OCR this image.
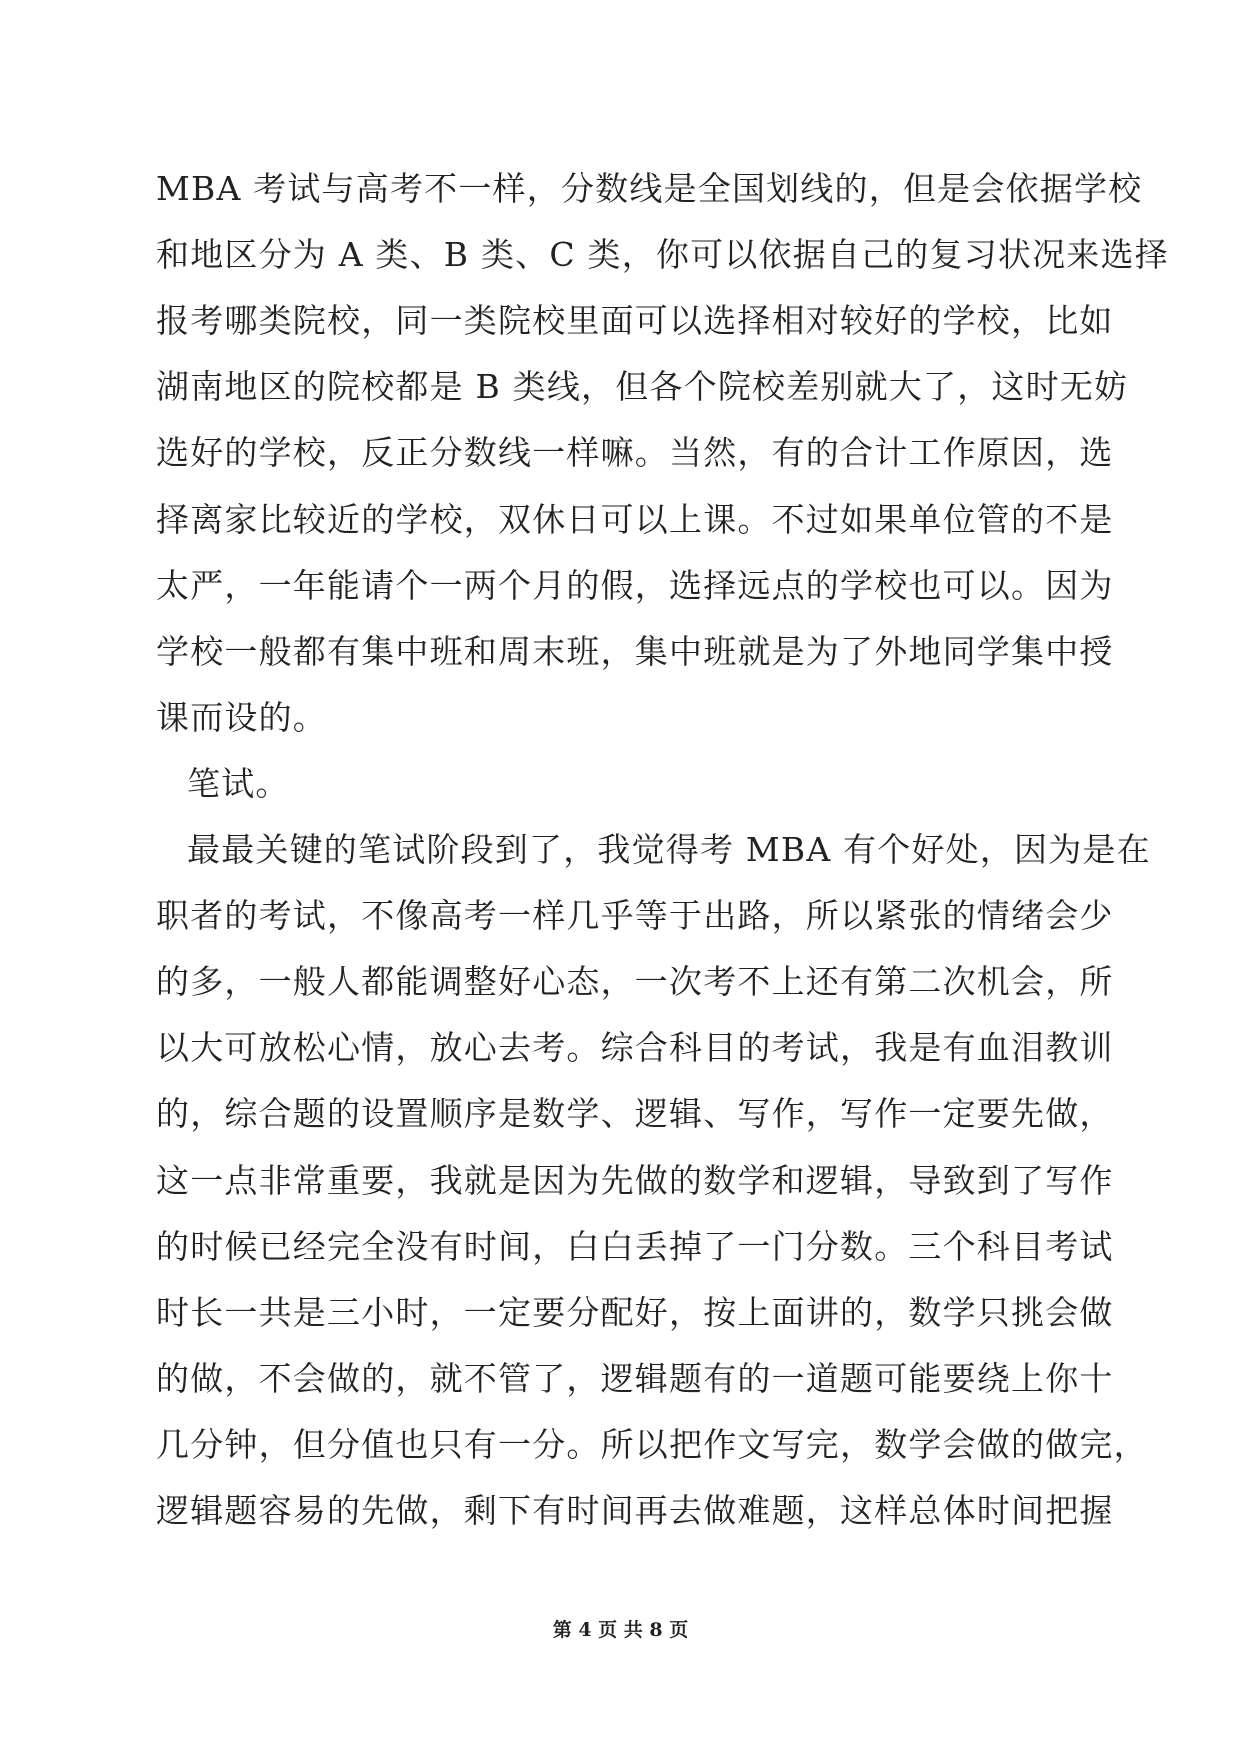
MBA 考试与高考不一样，分数线是全国划线的，但是会依据学校
和地区分为 A 类、B 类、C 类，你可以依据自己的复习状况来选择
报考哪类院校，同一类院校里面可以选择相对较好的学校，比如
湖南地区的院校都是 B 类线，但各个院校差别就大了，这时无妨
选好的学校，反正分数线一样嘛。当然，有的合计工作原因，选
择离家比较近的学校，双休日可以上课。不过如果单位管的不是
太严，一年能请个一两个月的假，选择远点的学校也可以。因为
学校一般都有集中班和周末班，集中班就是为了外地同学集中授
课而设的。
笔试。
最最关键的笔试阶段到了，我觉得考 MBA 有个好处，因为是在
职者的考试，不像高考一样几乎等于出路，所以紧张的情绪会少
的多，一般人都能调整好心态，一次考不上还有第二次机会，所
以大可放松心情，放心去考。综合科目的考试，我是有血泪教训
的，综合题的设置顺序是数学、逻辑、写作，写作一定要先做，
这一点非常重要，我就是因为先做的数学和逻辑，导致到了写作
的时候已经完全没有时间，白白丢掉了一门分数。三个科目考试
时长一共是三小时，一定要分配好，按上面讲的，数学只挑会做
的做，不会做的，就不管了，逻辑题有的一道题可能要绕上你十
几分钟，但分值也只有一分。所以把作文写完，数学会做的做完，
逻辑题容易的先做，剩下有时间再去做难题，这样总体时间把握
第 4 页 共 8 页
